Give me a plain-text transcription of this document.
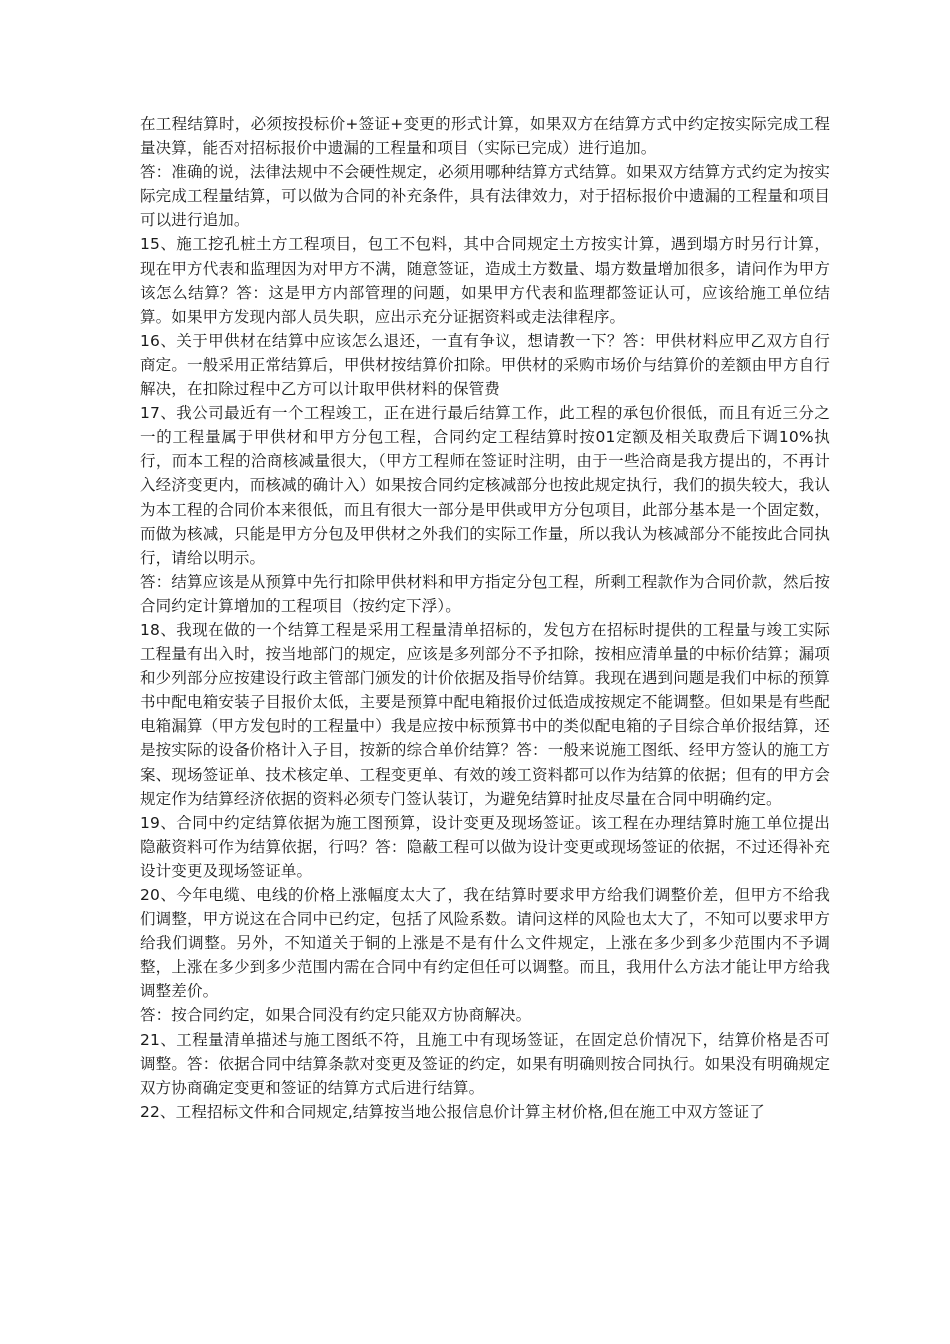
在工程结算时，必须按投标价+签证+变更的形式计算，如果双方在结算方式中约定按实际完成工程量决算，能否对招标报价中遗漏的工程量和项目（实际已完成）进行追加。

答：准确的说，法律法规中不会硬性规定，必须用哪种结算方式结算。如果双方结算方式约定为按实际完成工程量结算，可以做为合同的补充条件，具有法律效力，对于招标报价中遗漏的工程量和项目可以进行追加。

15、施工挖孔桩土方工程项目，包工不包料，其中合同规定土方按实计算，遇到塌方时另行计算，现在甲方代表和监理因为对甲方不满，随意签证，造成土方数量、塌方数量增加很多，请问作为甲方该怎么结算？答：这是甲方内部管理的问题，如果甲方代表和监理都签证认可，应该给施工单位结算。如果甲方发现内部人员失职，应出示充分证据资料或走法律程序。

16、关于甲供材在结算中应该怎么退还，一直有争议，想请教一下？答：甲供材料应甲乙双方自行商定。一般采用正常结算后，甲供材按结算价扣除。甲供材的采购市场价与结算价的差额由甲方自行解决，在扣除过程中乙方可以计取甲供材料的保管费

17、我公司最近有一个工程竣工，正在进行最后结算工作，此工程的承包价很低，而且有近三分之一的工程量属于甲供材和甲方分包工程，合同约定工程结算时按01定额及相关取费后下调10%执行，而本工程的洽商核减量很大，（甲方工程师在签证时注明，由于一些洽商是我方提出的，不再计入经济变更内，而核减的确计入）如果按合同约定核减部分也按此规定执行，我们的损失较大，我认为本工程的合同价本来很低，而且有很大一部分是甲供或甲方分包项目，此部分基本是一个固定数，而做为核减，只能是甲方分包及甲供材之外我们的实际工作量，所以我认为核减部分不能按此合同执行，请给以明示。

答：结算应该是从预算中先行扣除甲供材料和甲方指定分包工程，所剩工程款作为合同价款，然后按合同约定计算增加的工程项目（按约定下浮）。

18、我现在做的一个结算工程是采用工程量清单招标的，发包方在招标时提供的工程量与竣工实际工程量有出入时，按当地部门的规定，应该是多列部分不予扣除，按相应清单量的中标价结算；漏项和少列部分应按建设行政主管部门颁发的计价依据及指导价结算。我现在遇到问题是我们中标的预算书中配电箱安装子目报价太低，主要是预算中配电箱报价过低造成按规定不能调整。但如果是有些配电箱漏算（甲方发包时的工程量中）我是应按中标预算书中的类似配电箱的子目综合单价报结算，还是按实际的设备价格计入子目，按新的综合单价结算？答：一般来说施工图纸、经甲方签认的施工方案、现场签证单、技术核定单、工程变更单、有效的竣工资料都可以作为结算的依据；但有的甲方会规定作为结算经济依据的资料必须专门签认装订，为避免结算时扯皮尽量在合同中明确约定。

19、合同中约定结算依据为施工图预算，设计变更及现场签证。该工程在办理结算时施工单位提出隐蔽资料可作为结算依据，行吗？答：隐蔽工程可以做为设计变更或现场签证的依据，不过还得补充设计变更及现场签证单。

20、今年电缆、电线的价格上涨幅度太大了，我在结算时要求甲方给我们调整价差，但甲方不给我们调整，甲方说这在合同中已约定，包括了风险系数。请问这样的风险也太大了，不知可以要求甲方给我们调整。另外，不知道关于铜的上涨是不是有什么文件规定，上涨在多少到多少范围内不予调整，上涨在多少到多少范围内需在合同中有约定但任可以调整。而且，我用什么方法才能让甲方给我调整差价。

答：按合同约定，如果合同没有约定只能双方协商解决。

21、工程量清单描述与施工图纸不符，且施工中有现场签证，在固定总价情况下，结算价格是否可调整。答：依据合同中结算条款对变更及签证的约定，如果有明确则按合同执行。如果没有明确规定双方协商确定变更和签证的结算方式后进行结算。

22、工程招标文件和合同规定,结算按当地公报信息价计算主材价格,但在施工中双方签证了
